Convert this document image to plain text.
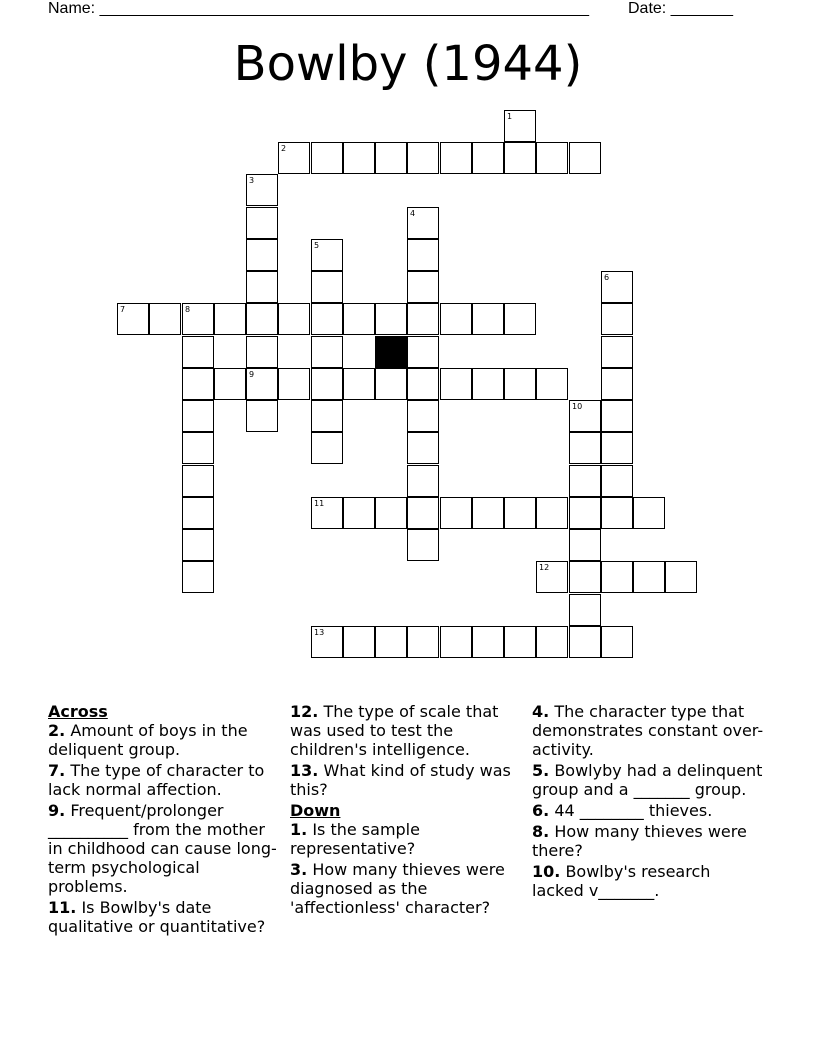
Name: _______________________________________________________ Date: _______
Bowlby (1944)
1
2
3
4
5
6
7	8
9
10
11
12
13

Across

2. Amount of boys in the deliquent group.

7. The type of character to lack normal affection.

9. Frequent/prolonger __________ from the mother in childhood can cause long-term psychological problems.

11. Is Bowlby's date qualitative or quantitative?

12. The type of scale that was used to test the children's intelligence.

13. What kind of study was this?

Down

1. Is the sample representative?

3. How many thieves were diagnosed as the 'affectionless' character?

4. The character type that demonstrates constant over-activity.

5. Bowlyby had a delinquent group and a _______ group.

6. 44 ________ thieves.

8. How many thieves were there?

10. Bowlby's research lacked v_______.
